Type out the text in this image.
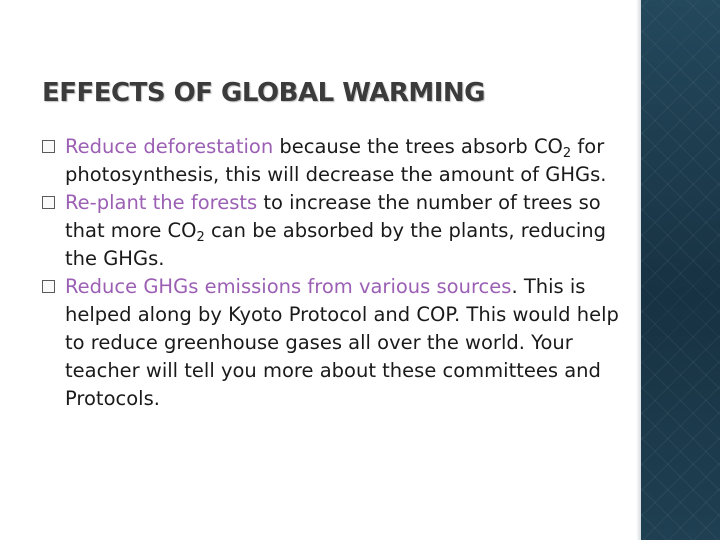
EFFECTS OF GLOBAL WARMING
Reduce deforestation because the trees absorb $CO_2$ for photosynthesis, this will decrease the amount of GHGs.
Re-plant the forests to increase the number of trees so that more $CO_2$ can be absorbed by the plants, reducing the GHGs.
Reduce GHGs emissions from various sources. This is helped along by Kyoto Protocol and COP. This would help to reduce greenhouse gases all over the world. Your teacher will tell you more about these committees and Protocols.
